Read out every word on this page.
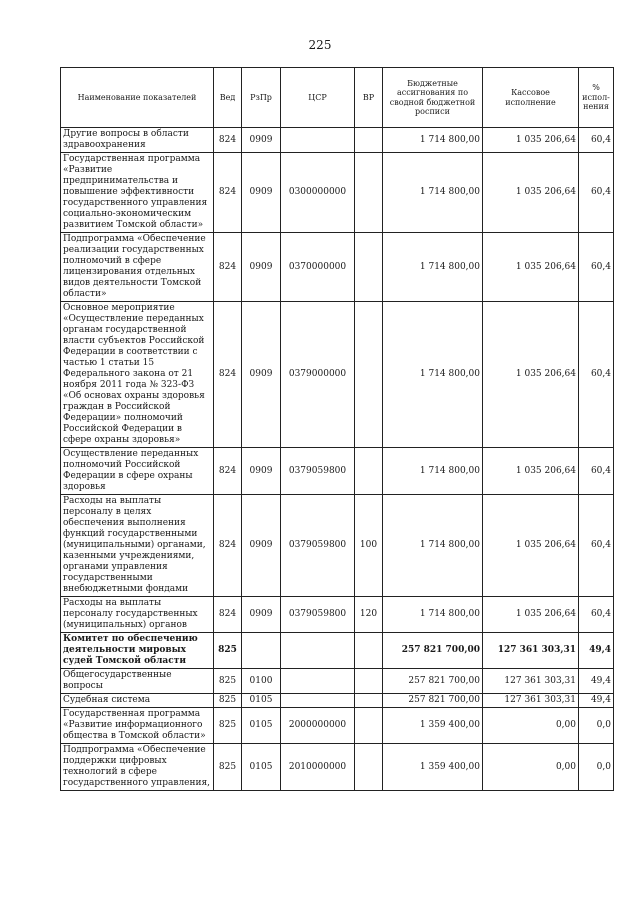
225
Наименование показателей	Вед	РзПр	ЦСР	ВР	Бюджетные ассигнования по сводной бюджетной росписи	Кассовое исполнение	% испол-нения
Другие вопросы в области здравоохранения	824	0909			1 714 800,00	1 035 206,64	60,4
Государственная программа «Развитие предпринимательства и повышение эффективности государственного управления социально-экономическим развитием Томской области»	824	0909	0300000000		1 714 800,00	1 035 206,64	60,4
Подпрограмма «Обеспечение реализации государственных полномочий в сфере лицензирования отдельных видов деятельности Томской области»	824	0909	0370000000		1 714 800,00	1 035 206,64	60,4
Основное мероприятие «Осуществление переданных органам государственной власти субъектов Российской Федерации в соответствии с частью 1 статьи 15 Федерального закона от 21 ноября 2011 года № 323-ФЗ «Об основах охраны здоровья граждан в Российской Федерации» полномочий Российской Федерации в сфере охраны здоровья»	824	0909	0379000000		1 714 800,00	1 035 206,64	60,4
Осуществление переданных полномочий Российской Федерации в сфере охраны здоровья	824	0909	0379059800		1 714 800,00	1 035 206,64	60,4
Расходы на выплаты персоналу в целях обеспечения выполнения функций государственными (муниципальными) органами, казенными учреждениями, органами управления государственными внебюджетными фондами	824	0909	0379059800	100	1 714 800,00	1 035 206,64	60,4
Расходы на выплаты персоналу государственных (муниципальных) органов	824	0909	0379059800	120	1 714 800,00	1 035 206,64	60,4
Комитет по обеспечению деятельности мировых судей Томской области	825				257 821 700,00	127 361 303,31	49,4
Общегосударственные вопросы	825	0100			257 821 700,00	127 361 303,31	49,4
Судебная система	825	0105			257 821 700,00	127 361 303,31	49,4
Государственная программа «Развитие информационного общества в Томской области»	825	0105	2000000000		1 359 400,00	0,00	0,0
Подпрограмма «Обеспечение поддержки цифровых технологий в сфере государственного управления,	825	0105	2010000000		1 359 400,00	0,00	0,0
